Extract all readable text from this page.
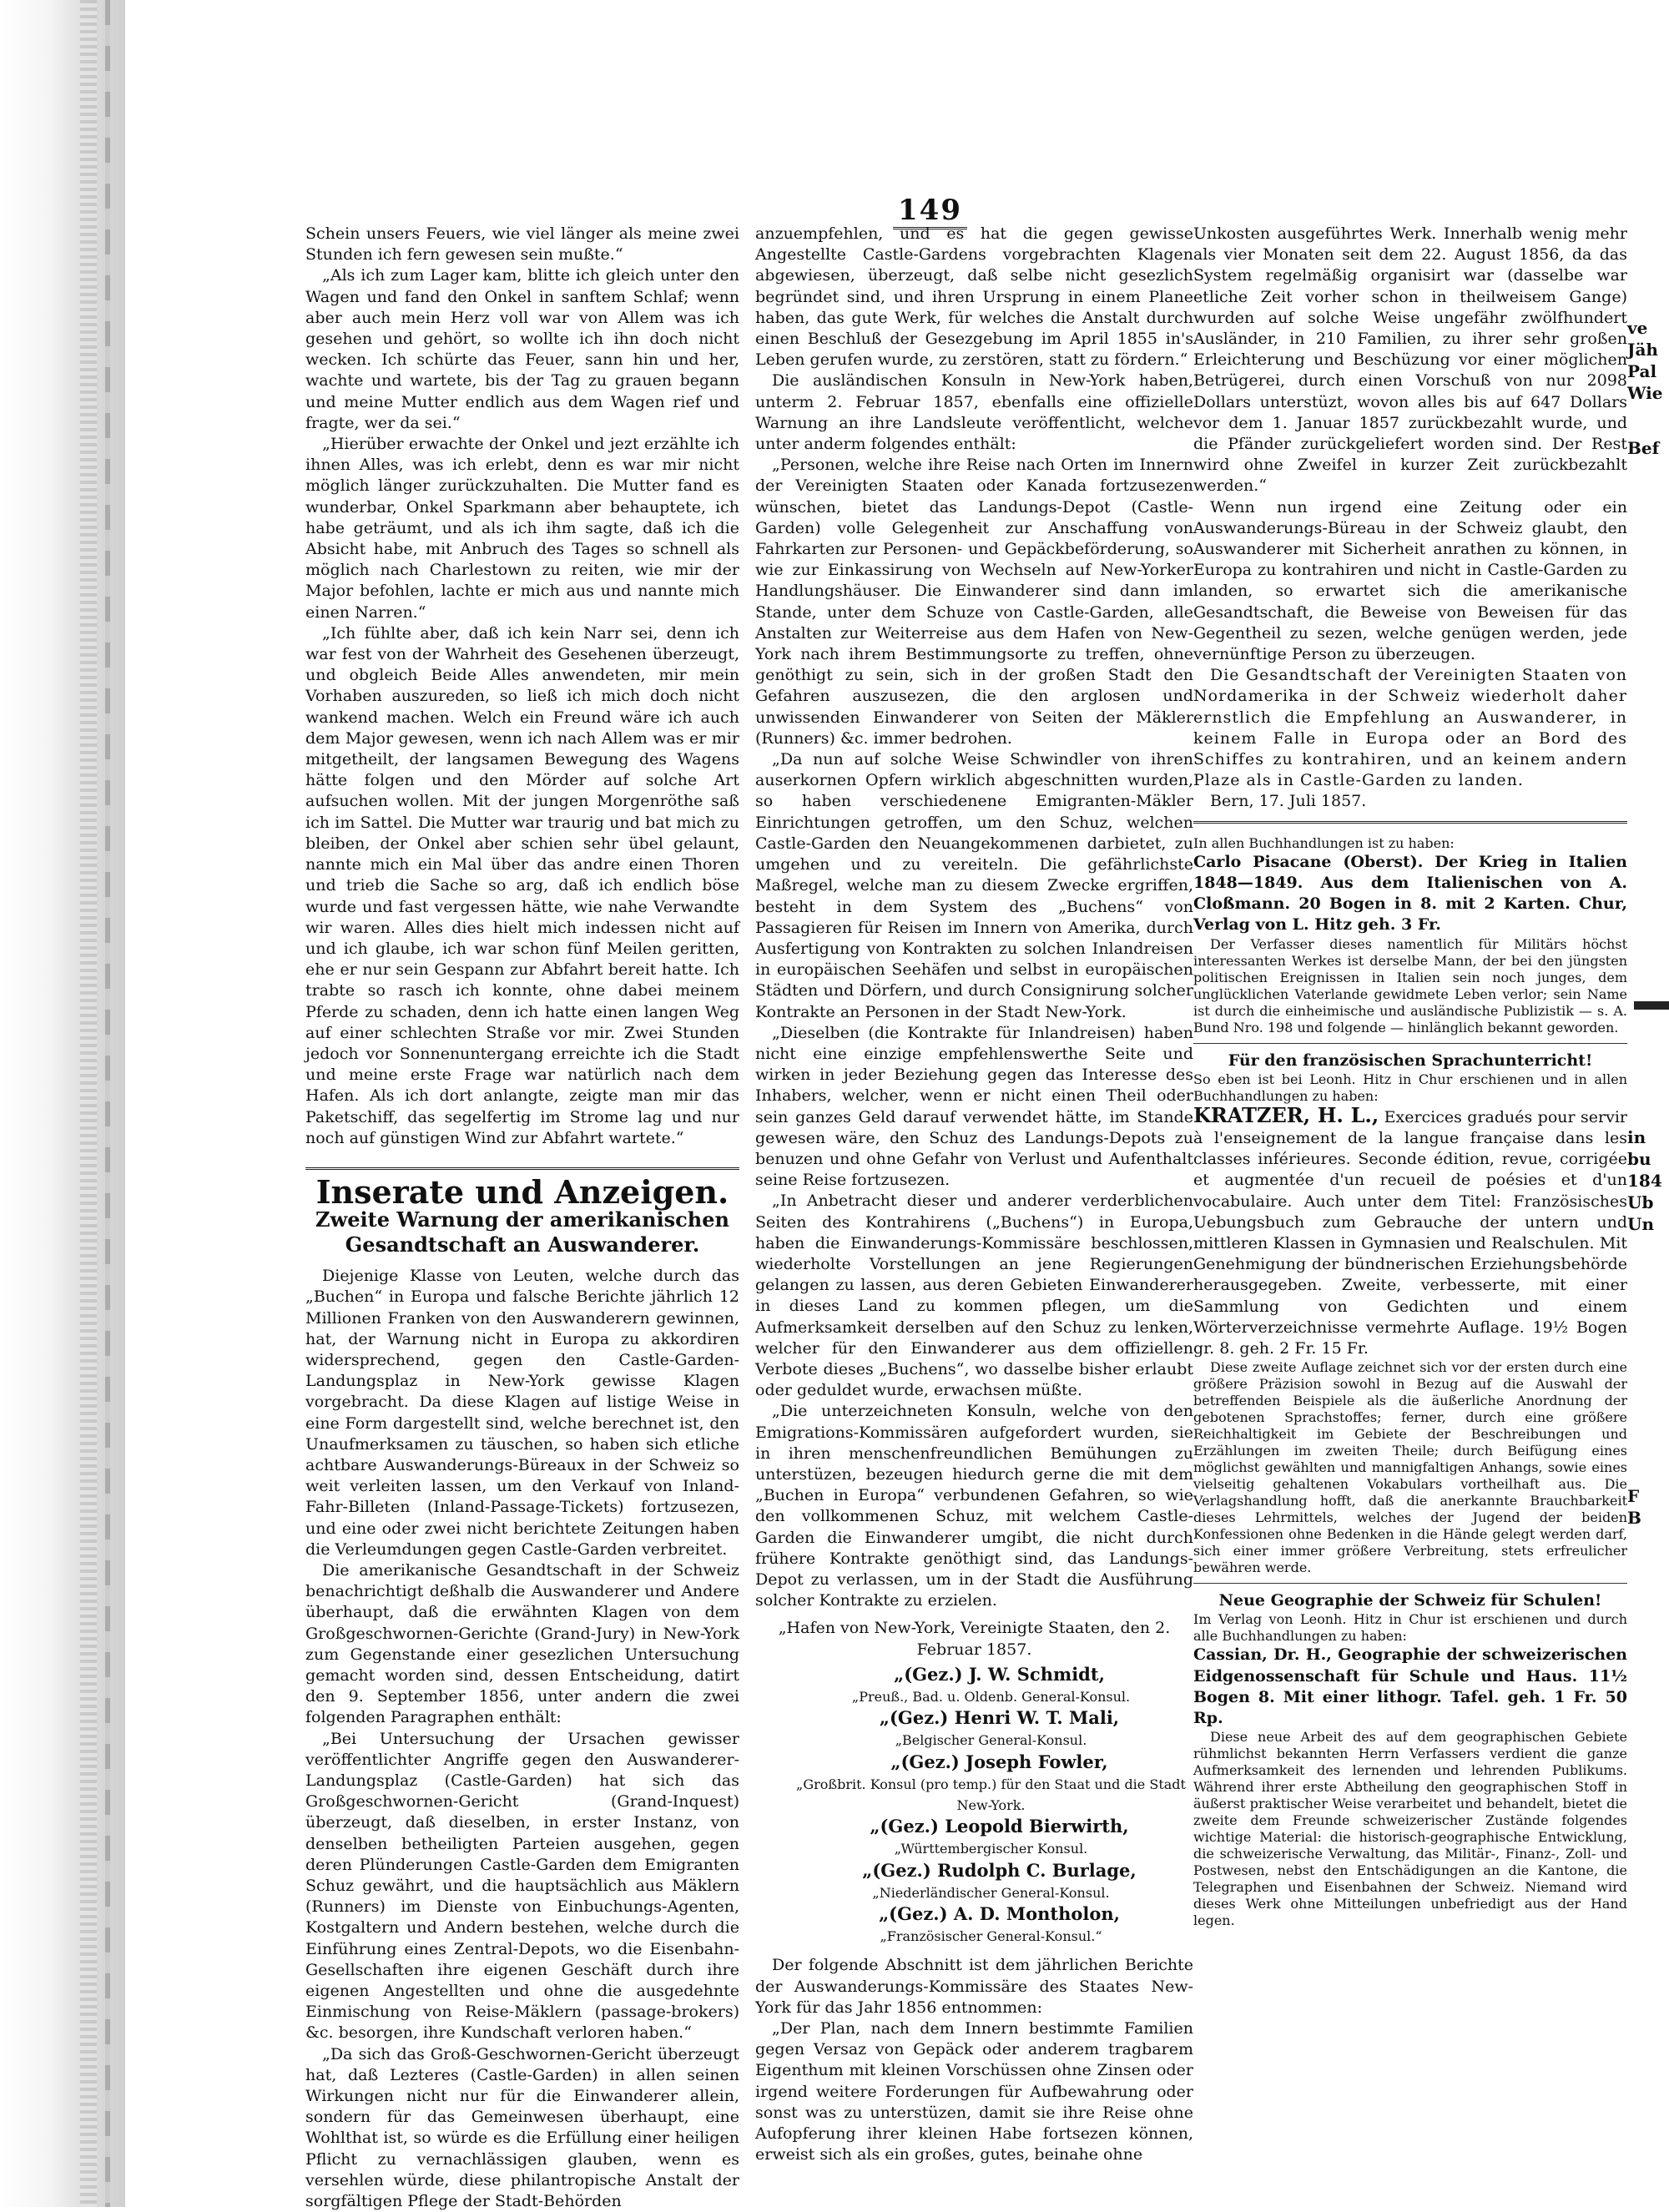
149

Schein unsers Feuers, wie viel länger als meine zwei Stunden ich fern gewesen sein mußte.“

„Als ich zum Lager kam, blitte ich gleich unter den Wagen und fand den Onkel in sanftem Schlaf; wenn aber auch mein Herz voll war von Allem was ich gesehen und gehört, so wollte ich ihn doch nicht wecken. Ich schürte das Feuer, sann hin und her, wachte und wartete, bis der Tag zu grauen begann und meine Mutter endlich aus dem Wagen rief und fragte, wer da sei.“

„Hierüber erwachte der Onkel und jezt erzählte ich ihnen Alles, was ich erlebt, denn es war mir nicht möglich länger zurückzuhalten. Die Mutter fand es wunderbar, Onkel Sparkmann aber behauptete, ich habe geträumt, und als ich ihm sagte, daß ich die Absicht habe, mit Anbruch des Tages so schnell als möglich nach Charlestown zu reiten, wie mir der Major befohlen, lachte er mich aus und nannte mich einen Narren.“

„Ich fühlte aber, daß ich kein Narr sei, denn ich war fest von der Wahrheit des Gesehenen überzeugt, und obgleich Beide Alles anwendeten, mir mein Vorhaben auszureden, so ließ ich mich doch nicht wankend machen. Welch ein Freund wäre ich auch dem Major gewesen, wenn ich nach Allem was er mir mitgetheilt, der langsamen Bewegung des Wagens hätte folgen und den Mörder auf solche Art aufsuchen wollen. Mit der jungen Morgenröthe saß ich im Sattel. Die Mutter war traurig und bat mich zu bleiben, der Onkel aber schien sehr übel gelaunt, nannte mich ein Mal über das andre einen Thoren und trieb die Sache so arg, daß ich endlich böse wurde und fast vergessen hätte, wie nahe Verwandte wir waren. Alles dies hielt mich indessen nicht auf und ich glaube, ich war schon fünf Meilen geritten, ehe er nur sein Gespann zur Abfahrt bereit hatte. Ich trabte so rasch ich konnte, ohne dabei meinem Pferde zu schaden, denn ich hatte einen langen Weg auf einer schlechten Straße vor mir. Zwei Stunden jedoch vor Sonnenuntergang erreichte ich die Stadt und meine erste Frage war natürlich nach dem Hafen. Als ich dort anlangte, zeigte man mir das Paketschiff, das segelfertig im Strome lag und nur noch auf günstigen Wind zur Abfahrt wartete.“

Inserate und Anzeigen.
Zweite Warnung der amerikanischen Gesandtschaft an Auswanderer.

Diejenige Klasse von Leuten, welche durch das „Buchen“ in Europa und falsche Berichte jährlich 12 Millionen Franken von den Auswanderern gewinnen, hat, der Warnung nicht in Europa zu akkordiren widersprechend, gegen den Castle-Garden-Landungsplaz in New-York gewisse Klagen vorgebracht. Da diese Klagen auf listige Weise in eine Form dargestellt sind, welche berechnet ist, den Unaufmerksamen zu täuschen, so haben sich etliche achtbare Auswanderungs-Büreaux in der Schweiz so weit verleiten lassen, um den Verkauf von Inland-Fahr-Billeten (Inland-Passage-Tickets) fortzusezen, und eine oder zwei nicht berichtete Zeitungen haben die Verleumdungen gegen Castle-Garden verbreitet.

Die amerikanische Gesandtschaft in der Schweiz benachrichtigt deßhalb die Auswanderer und Andere überhaupt, daß die erwähnten Klagen von dem Großgeschwornen-Gerichte (Grand-Jury) in New-York zum Gegenstande einer gesezlichen Untersuchung gemacht worden sind, dessen Entscheidung, datirt den 9. September 1856, unter andern die zwei folgenden Paragraphen enthält:

„Bei Untersuchung der Ursachen gewisser veröffentlichter Angriffe gegen den Auswanderer-Landungsplaz (Castle-Garden) hat sich das Großgeschwornen-Gericht (Grand-Inquest) überzeugt, daß dieselben, in erster Instanz, von denselben betheiligten Parteien ausgehen, gegen deren Plünderungen Castle-Garden dem Emigranten Schuz gewährt, und die hauptsächlich aus Mäklern (Runners) im Dienste von Einbuchungs-Agenten, Kostgaltern und Andern bestehen, welche durch die Einführung eines Zentral-Depots, wo die Eisenbahn-Gesellschaften ihre eigenen Geschäft durch ihre eigenen Angestellten und ohne die ausgedehnte Einmischung von Reise-Mäklern (passage-brokers) &c. besorgen, ihre Kundschaft verloren haben.“

„Da sich das Groß-Geschwornen-Gericht überzeugt hat, daß Lezteres (Castle-Garden) in allen seinen Wirkungen nicht nur für die Einwanderer allein, sondern für das Gemeinwesen überhaupt, eine Wohlthat ist, so würde es die Erfüllung einer heiligen Pflicht zu vernachlässigen glauben, wenn es versehlen würde, diese philantropische Anstalt der sorgfältigen Pflege der Stadt-Behörden

anzuempfehlen, und es hat die gegen gewisse Angestellte Castle-Gardens vorgebrachten Klagen abgewiesen, überzeugt, daß selbe nicht gesezlich begründet sind, und ihren Ursprung in einem Plane haben, das gute Werk, für welches die Anstalt durch einen Beschluß der Gesezgebung im April 1855 in's Leben gerufen wurde, zu zerstören, statt zu fördern.“

Die ausländischen Konsuln in New-York haben, unterm 2. Februar 1857, ebenfalls eine offizielle Warnung an ihre Landsleute veröffentlicht, welche unter anderm folgendes enthält:

„Personen, welche ihre Reise nach Orten im Innern der Vereinigten Staaten oder Kanada fortzusezen wünschen, bietet das Landungs-Depot (Castle-Garden) volle Gelegenheit zur Anschaffung von Fahrkarten zur Personen- und Gepäckbeförderung, so wie zur Einkassirung von Wechseln auf New-Yorker Handlungshäuser. Die Einwanderer sind dann im Stande, unter dem Schuze von Castle-Garden, alle Anstalten zur Weiterreise aus dem Hafen von New-York nach ihrem Bestimmungsorte zu treffen, ohne genöthigt zu sein, sich in der großen Stadt den Gefahren auszusezen, die den arglosen und unwissenden Einwanderer von Seiten der Mäkler (Runners) &c. immer bedrohen.

„Da nun auf solche Weise Schwindler von ihren auserkornen Opfern wirklich abgeschnitten wurden, so haben verschiedenene Emigranten-Mäkler Einrichtungen getroffen, um den Schuz, welchen Castle-Garden den Neuangekommenen darbietet, zu umgehen und zu vereiteln. Die gefährlichste Maßregel, welche man zu diesem Zwecke ergriffen, besteht in dem System des „Buchens“ von Passagieren für Reisen im Innern von Amerika, durch Ausfertigung von Kontrakten zu solchen Inlandreisen in europäischen Seehäfen und selbst in europäischen Städten und Dörfern, und durch Consignirung solcher Kontrakte an Personen in der Stadt New-York.

„Dieselben (die Kontrakte für Inlandreisen) haben nicht eine einzige empfehlenswerthe Seite und wirken in jeder Beziehung gegen das Interesse des Inhabers, welcher, wenn er nicht einen Theil oder sein ganzes Geld darauf verwendet hätte, im Stande gewesen wäre, den Schuz des Landungs-Depots zu benuzen und ohne Gefahr von Verlust und Aufenthalt seine Reise fortzusezen.

„In Anbetracht dieser und anderer verderblichen Seiten des Kontrahirens („Buchens“) in Europa, haben die Einwanderungs-Kommissäre beschlossen, wiederholte Vorstellungen an jene Regierungen gelangen zu lassen, aus deren Gebieten Einwanderer in dieses Land zu kommen pflegen, um die Aufmerksamkeit derselben auf den Schuz zu lenken, welcher für den Einwanderer aus dem offiziellen Verbote dieses „Buchens“, wo dasselbe bisher erlaubt oder geduldet wurde, erwachsen müßte.

„Die unterzeichneten Konsuln, welche von den Emigrations-Kommissären aufgefordert wurden, sie in ihren menschenfreundlichen Bemühungen zu unterstüzen, bezeugen hiedurch gerne die mit dem „Buchen in Europa“ verbundenen Gefahren, so wie den vollkommenen Schuz, mit welchem Castle-Garden die Einwanderer umgibt, die nicht durch frühere Kontrakte genöthigt sind, das Landungs-Depot zu verlassen, um in der Stadt die Ausführung solcher Kontrakte zu erzielen.

„Hafen von New-York, Vereinigte Staaten, den 2. Februar 1857.

„(Gez.) J. W. Schmidt,
„Preuß., Bad. u. Oldenb. General-Konsul.

„(Gez.) Henri W. T. Mali,
„Belgischer General-Konsul.

„(Gez.) Joseph Fowler,
„Großbrit. Konsul (pro temp.) für den Staat und die Stadt New-York.

„(Gez.) Leopold Bierwirth,
„Württembergischer Konsul.

„(Gez.) Rudolph C. Burlage,
„Niederländischer General-Konsul.

„(Gez.) A. D. Montholon,
„Französischer General-Konsul.“

Der folgende Abschnitt ist dem jährlichen Berichte der Auswanderungs-Kommissäre des Staates New-York für das Jahr 1856 entnommen:

„Der Plan, nach dem Innern bestimmte Familien gegen Versaz von Gepäck oder anderem tragbarem Eigenthum mit kleinen Vorschüssen ohne Zinsen oder irgend weitere Forderungen für Aufbewahrung oder sonst was zu unterstüzen, damit sie ihre Reise ohne Aufopferung ihrer kleinen Habe fortsezen können, erweist sich als ein großes, gutes, beinahe ohne

Unkosten ausgeführtes Werk. Innerhalb wenig mehr als vier Monaten seit dem 22. August 1856, da das System regelmäßig organisirt war (dasselbe war etliche Zeit vorher schon in theilweisem Gange) wurden auf solche Weise ungefähr zwölfhundert Ausländer, in 210 Familien, zu ihrer sehr großen Erleichterung und Beschüzung vor einer möglichen Betrügerei, durch einen Vorschuß von nur 2098 Dollars unterstüzt, wovon alles bis auf 647 Dollars vor dem 1. Januar 1857 zurückbezahlt wurde, und die Pfänder zurückgeliefert worden sind. Der Rest wird ohne Zweifel in kurzer Zeit zurückbezahlt werden.“

Wenn nun irgend eine Zeitung oder ein Auswanderungs-Büreau in der Schweiz glaubt, den Auswanderer mit Sicherheit anrathen zu können, in Europa zu kontrahiren und nicht in Castle-Garden zu landen, so erwartet sich die amerikanische Gesandtschaft, die Beweise von Beweisen für das Gegentheil zu sezen, welche genügen werden, jede vernünftige Person zu überzeugen.

Die Gesandtschaft der Vereinigten Staaten von Nordamerika in der Schweiz wiederholt daher ernstlich die Empfehlung an Auswanderer, in keinem Falle in Europa oder an Bord des Schiffes zu kontrahiren, und an keinem andern Plaze als in Castle-Garden zu landen.

Bern, 17. Juli 1857.

In allen Buchhandlungen ist zu haben:

Carlo Pisacane (Oberst). Der Krieg in Italien 1848—1849. Aus dem Italienischen von A. Cloßmann. 20 Bogen in 8. mit 2 Karten. Chur, Verlag von L. Hitz geh. 3 Fr.

Der Verfasser dieses namentlich für Militärs höchst interessanten Werkes ist derselbe Mann, der bei den jüngsten politischen Ereignissen in Italien sein noch junges, dem unglücklichen Vaterlande gewidmete Leben verlor; sein Name ist durch die einheimische und ausländische Publizistik — s. A. Bund Nro. 198 und folgende — hinlänglich bekannt geworden.

Für den französischen Sprachunterricht!

So eben ist bei Leonh. Hitz in Chur erschienen und in allen Buchhandlungen zu haben:

KRATZER, H. L., Exercices gradués pour servir à l'enseignement de la langue française dans les classes inférieures. Seconde édition, revue, corrigée et augmentée d'un recueil de poésies et d'un vocabulaire. Auch unter dem Titel: Französisches Uebungsbuch zum Gebrauche der untern und mittleren Klassen in Gymnasien und Realschulen. Mit Genehmigung der bündnerischen Erziehungsbehörde herausgegeben. Zweite, verbesserte, mit einer Sammlung von Gedichten und einem Wörterverzeichnisse vermehrte Auflage. 19½ Bogen gr. 8. geh. 2 Fr. 15 Fr.

Diese zweite Auflage zeichnet sich vor der ersten durch eine größere Präzision sowohl in Bezug auf die Auswahl der betreffenden Beispiele als die äußerliche Anordnung der gebotenen Sprachstoffes; ferner, durch eine größere Reichhaltigkeit im Gebiete der Beschreibungen und Erzählungen im zweiten Theile; durch Beifügung eines möglichst gewählten und mannigfaltigen Anhangs, sowie eines vielseitig gehaltenen Vokabulars vortheilhaft aus. Die Verlagshandlung hofft, daß die anerkannte Brauchbarkeit dieses Lehrmittels, welches der Jugend der beiden Konfessionen ohne Bedenken in die Hände gelegt werden darf, sich einer immer größere Verbreitung, stets erfreulicher bewähren werde.

Neue Geographie der Schweiz für Schulen!

Im Verlag von Leonh. Hitz in Chur ist erschienen und durch alle Buchhandlungen zu haben:

Cassian, Dr. H., Geographie der schweizerischen Eidgenossenschaft für Schule und Haus. 11½ Bogen 8. Mit einer lithogr. Tafel. geh. 1 Fr. 50 Rp.

Diese neue Arbeit des auf dem geographischen Gebiete rühmlichst bekannten Herrn Verfassers verdient die ganze Aufmerksamkeit des lernenden und lehrenden Publikums. Während ihrer erste Abtheilung den geographischen Stoff in äußerst praktischer Weise verarbeitet und behandelt, bietet die zweite dem Freunde schweizerischer Zustände folgendes wichtige Material: die historisch-geographische Entwicklung, die schweizerische Verwaltung, das Militär-, Finanz-, Zoll- und Postwesen, nebst den Entschädigungen an die Kantone, die Telegraphen und Eisenbahnen der Schweiz. Niemand wird dieses Werk ohne Mitteilungen unbefriedigt aus der Hand legen.

ve
Jäh
Pal
Wie
Bef
in
bu
184
Ub
Un
F
B
